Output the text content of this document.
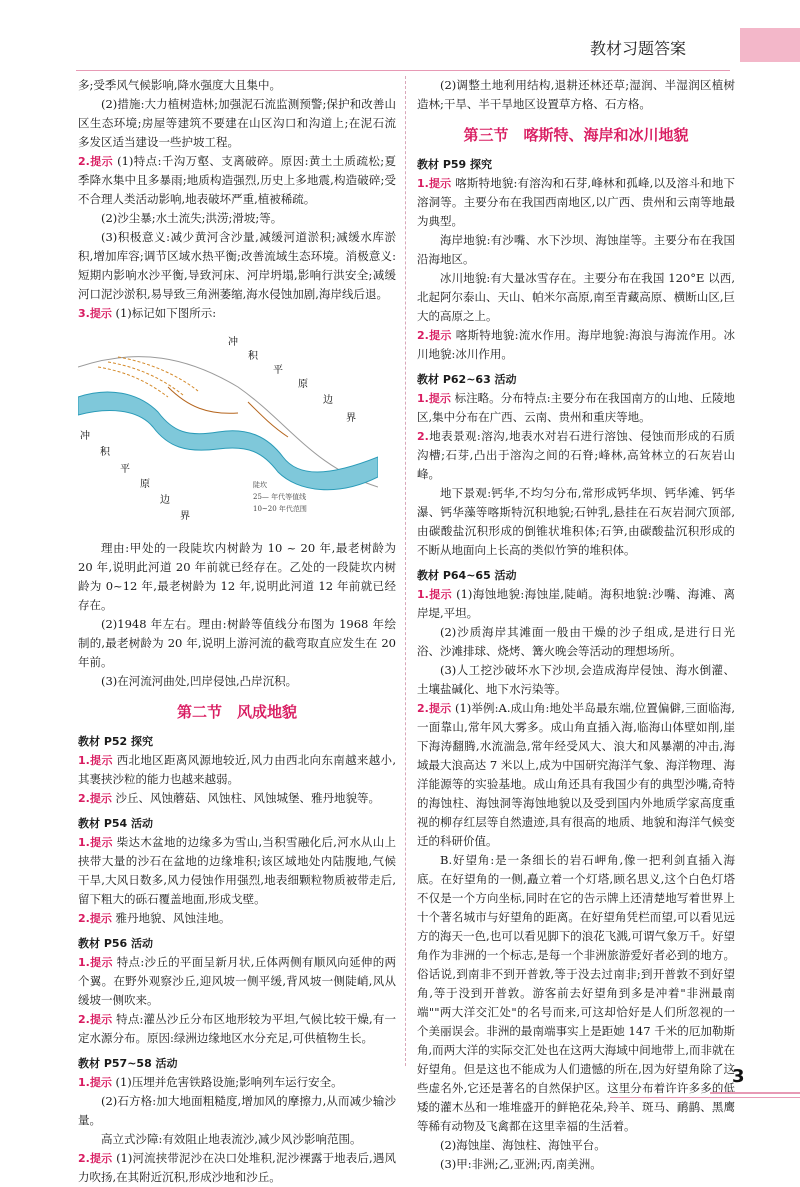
教材习题答案

多;受季风气候影响,降水强度大且集中。

(2)措施:大力植树造林;加强泥石流监测预警;保护和改善山区生态环境;房屋等建筑不要建在山区沟口和沟道上;在泥石流多发区适当建设一些护坡工程。

2.提示 (1)特点:千沟万壑、支离破碎。原因:黄土土质疏松;夏季降水集中且多暴雨;地质构造强烈,历史上多地震,构造破碎;受不合理人类活动影响,地表破坏严重,植被稀疏。

(2)沙尘暴;水土流失;洪涝;滑坡;等。

(3)积极意义:减少黄河含沙量,减缓河道淤积;减缓水库淤积,增加库容;调节区域水热平衡;改善流域生态环境。消极意义:短期内影响水沙平衡,导致河床、河岸坍塌,影响行洪安全;减缓河口泥沙淤积,易导致三角洲萎缩,海水侵蚀加剧,海岸线后退。

3.提示 (1)标记如下图所示:

冲
积
平
原
边
界
冲
积
平
原
边
界
陡坎
25— 年代等值线
10~20 年代范围

理由:甲处的一段陡坎内树龄为 10 ~ 20 年,最老树龄为 20 年,说明此河道 20 年前就已经存在。乙处的一段陡坎内树龄为 0~12 年,最老树龄为 12 年,说明此河道 12 年前就已经存在。

(2)1948 年左右。理由:树龄等值线分布图为 1968 年绘制的,最老树龄为 20 年,说明上游河流的截弯取直应发生在 20 年前。

(3)在河流河曲处,凹岸侵蚀,凸岸沉积。

第二节　风成地貌
教材 P52 探究

1.提示 西北地区距离风源地较近,风力由西北向东南越来越小,其裹挟沙粒的能力也越来越弱。

2.提示 沙丘、风蚀蘑菇、风蚀柱、风蚀城堡、雅丹地貌等。

教材 P54 活动

1.提示 柴达木盆地的边缘多为雪山,当积雪融化后,河水从山上挟带大量的沙石在盆地的边缘堆积;该区域地处内陆腹地,气候干旱,大风日数多,风力侵蚀作用强烈,地表细颗粒物质被带走后,留下粗大的砾石覆盖地面,形成戈壁。

2.提示 雅丹地貌、风蚀洼地。

教材 P56 活动

1.提示 特点:沙丘的平面呈新月状,丘体两侧有顺风向延伸的两个翼。在野外观察沙丘,迎风坡一侧平缓,背风坡一侧陡峭,风从缓坡一侧吹来。

2.提示 特点:灌丛沙丘分布区地形较为平坦,气候比较干燥,有一定水源分布。原因:绿洲边缘地区水分充足,可供植物生长。

教材 P57~58 活动

1.提示 (1)压埋并危害铁路设施;影响列车运行安全。

(2)石方格:加大地面粗糙度,增加风的摩擦力,从而减少输沙量。

高立式沙障:有效阻止地表流沙,减少风沙影响范围。

2.提示 (1)河流挟带泥沙在决口处堆积,泥沙裸露于地表后,遇风力吹扬,在其附近沉积,形成沙地和沙丘。

(2)调整土地利用结构,退耕还林还草;湿润、半湿润区植树造林;干旱、半干旱地区设置草方格、石方格。

第三节　喀斯特、海岸和冰川地貌
教材 P59 探究

1.提示 喀斯特地貌:有溶沟和石芽,峰林和孤峰,以及溶斗和地下溶洞等。主要分布在我国西南地区,以广西、贵州和云南等地最为典型。

海岸地貌:有沙嘴、水下沙坝、海蚀崖等。主要分布在我国沿海地区。

冰川地貌:有大量冰雪存在。主要分布在我国 120°E 以西,北起阿尔泰山、天山、帕米尔高原,南至青藏高原、横断山区,巨大的高原之上。

2.提示 喀斯特地貌:流水作用。海岸地貌:海浪与海流作用。冰川地貌:冰川作用。

教材 P62~63 活动

1.提示 标注略。分布特点:主要分布在我国南方的山地、丘陵地区,集中分布在广西、云南、贵州和重庆等地。

2.地表景观:溶沟,地表水对岩石进行溶蚀、侵蚀而形成的石质沟槽;石芽,凸出于溶沟之间的石脊;峰林,高耸林立的石灰岩山峰。

地下景观:钙华,不均匀分布,常形成钙华坝、钙华滩、钙华瀑、钙华藻等喀斯特沉积地貌;石钟乳,悬挂在石灰岩洞穴顶部,由碳酸盐沉积形成的倒锥状堆积体;石笋,由碳酸盐沉积形成的不断从地面向上长高的类似竹笋的堆积体。

教材 P64~65 活动

1.提示 (1)海蚀地貌:海蚀崖,陡峭。海积地貌:沙嘴、海滩、离岸堤,平坦。

(2)沙质海岸其滩面一般由干燥的沙子组成,是进行日光浴、沙滩排球、烧烤、篝火晚会等活动的理想场所。

(3)人工挖沙破坏水下沙坝,会造成海岸侵蚀、海水倒灌、土壤盐碱化、地下水污染等。

2.提示 (1)举例:A.成山角:地处半岛最东端,位置偏僻,三面临海,一面靠山,常年风大雾多。成山角直插入海,临海山体壁如削,崖下海涛翻腾,水流湍急,常年经受风大、浪大和风暴潮的冲击,海域最大浪高达 7 米以上,成为中国研究海洋气象、海洋物理、海洋能源等的实验基地。成山角还具有我国少有的典型沙嘴,奇特的海蚀柱、海蚀洞等海蚀地貌以及受到国内外地质学家高度重视的柳存红层等自然遗迹,具有很高的地质、地貌和海洋气候变迁的科研价值。

B.好望角:是一条细长的岩石岬角,像一把利剑直插入海底。在好望角的一侧,矗立着一个灯塔,顾名思义,这个白色灯塔不仅是一个方向坐标,同时在它的告示牌上还清楚地写着世界上十个著名城市与好望角的距离。在好望角凭栏而望,可以看见远方的海天一色,也可以看见脚下的浪花飞溅,可谓气象万千。好望角作为非洲的一个标志,是每一个非洲旅游爱好者必到的地方。俗话说,到南非不到开普敦,等于没去过南非;到开普敦不到好望角,等于没到开普敦。游客前去好望角到多是冲着"非洲最南端""两大洋交汇处"的名号而来,可这却恰好是人们所忽视的一个美丽误会。非洲的最南端事实上是距她 147 千米的厄加勒斯角,而两大洋的实际交汇处也在这两大海域中间地带上,而非就在好望角。但是这也不能成为人们遗憾的所在,因为好望角除了这些虚名外,它还是著名的自然保护区。这里分布着许许多多的低矮的灌木丛和一堆堆盛开的鲜艳花朵,羚羊、斑马、鸸鹋、黑鹰等稀有动物及飞禽都在这里幸福的生活着。

(2)海蚀崖、海蚀柱、海蚀平台。

(3)甲:非洲;乙,亚洲;丙,南美洲。

3
